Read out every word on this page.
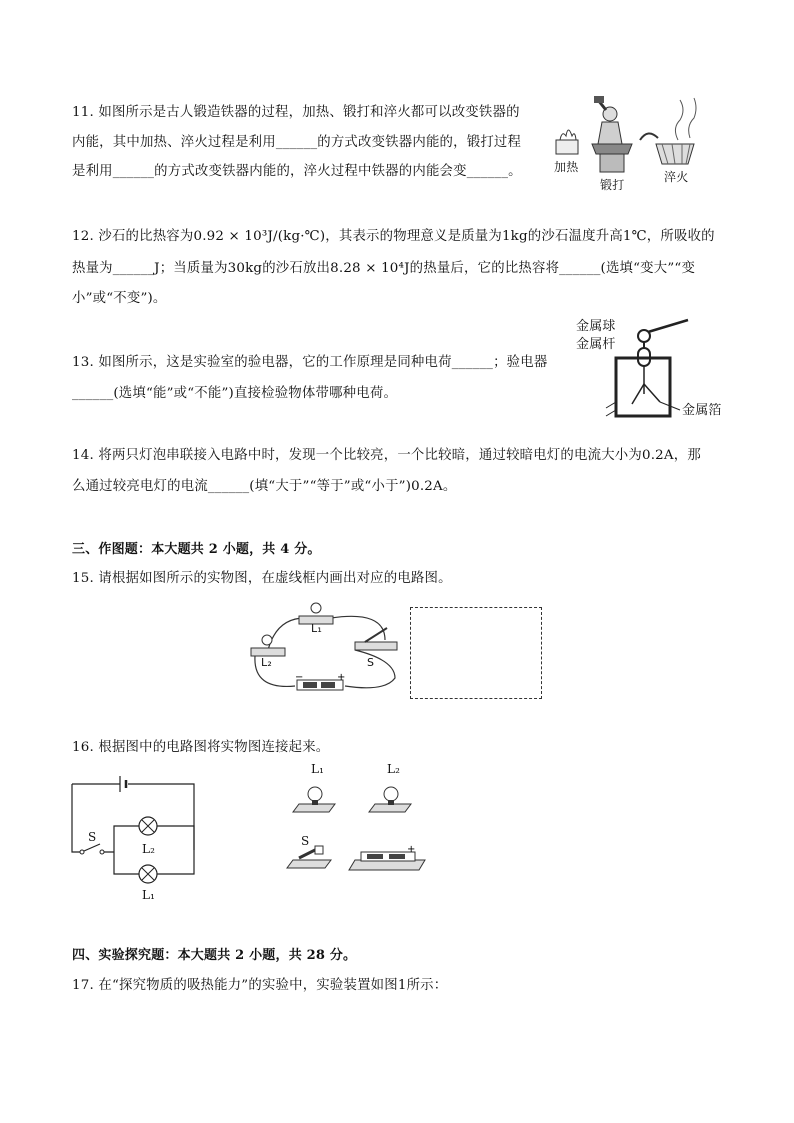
11. 如图所示是古人锻造铁器的过程，加热、锻打和淬火都可以改变铁器的
内能，其中加热、淬火过程是利用______的方式改变铁器内能的，锻打过程
是利用______的方式改变铁器内能的，淬火过程中铁器的内能会变______。	加热
锻打
淬火
12. 沙石的比热容为0.92 × 10³J/(kg·℃)，其表示的物理意义是质量为1kg的沙石温度升高1℃，所吸收的
热量为______J；当质量为30kg的沙石放出8.28 × 10⁴J的热量后，它的比热容将______(选填“变大”“变
小”或“不变”)。
13. 如图所示，这是实验室的验电器，它的工作原理是同种电荷______；验电器
______(选填“能”或“不能”)直接检验物体带哪种电荷。
金属球
金属杆
金属箔
14. 将两只灯泡串联接入电路中时，发现一个比较亮，一个比较暗，通过较暗电灯的电流大小为0.2A，那
么通过较亮电灯的电流______(填“大于”“等于”或“小于”)0.2A。
三、作图题：本大题共 2 小题，共 4 分。
15. 请根据如图所示的实物图，在虚线框内画出对应的电路图。
+
−
L₁
L₂	S
16. 根据图中的电路图将实物图连接起来。
S
L₂
L₁
+
L₁	L₂
S
四、实验探究题：本大题共 2 小题，共 28 分。
17. 在“探究物质的吸热能力”的实验中，实验装置如图1所示：
